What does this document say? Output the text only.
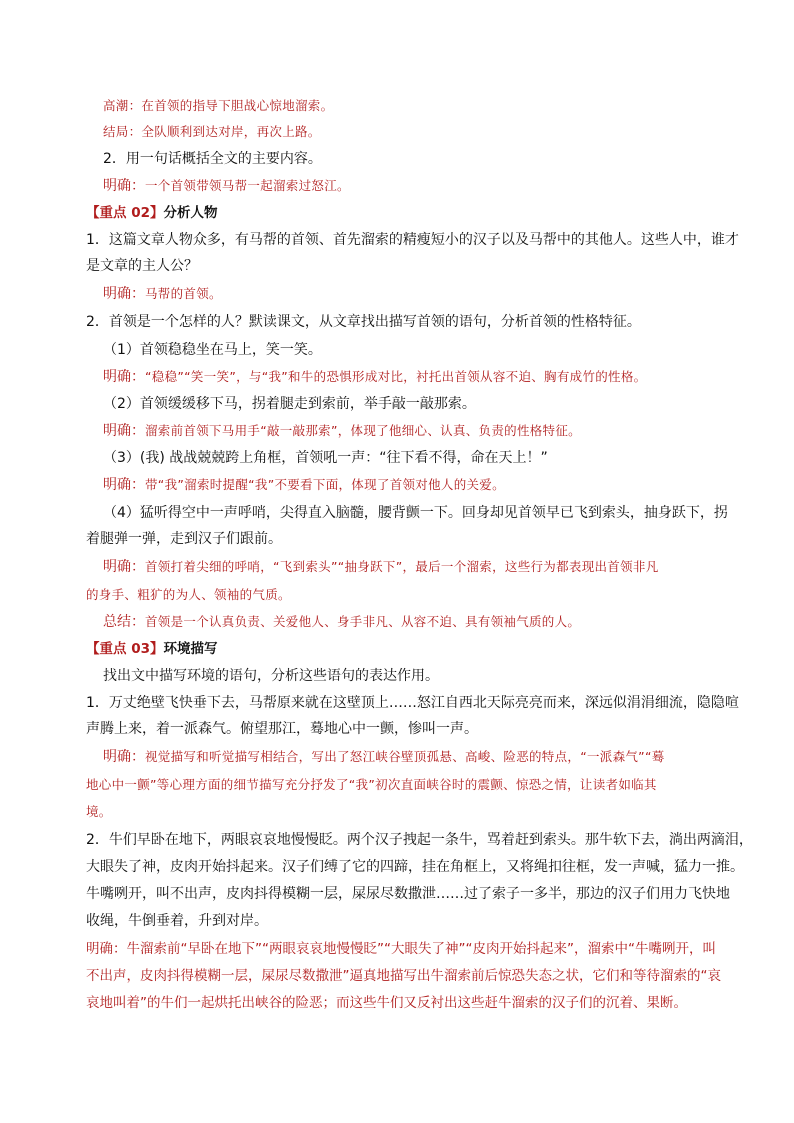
高潮：在首领的指导下胆战心惊地溜索。
结局：全队顺利到达对岸，再次上路。
2．用一句话概括全文的主要内容。
明确：一个首领带领马帮一起溜索过怒江。
【重点 02】分析人物
1．这篇文章人物众多，有马帮的首领、首先溜索的精瘦短小的汉子以及马帮中的其他人。这些人中，谁才
是文章的主人公？
明确：马帮的首领。
2．首领是一个怎样的人？默读课文，从文章找出描写首领的语句，分析首领的性格特征。
（1）首领稳稳坐在马上，笑一笑。
明确：“稳稳”“笑一笑”，与“我”和牛的恐惧形成对比，衬托出首领从容不迫、胸有成竹的性格。
（2）首领缓缓移下马，拐着腿走到索前，举手敲一敲那索。
明确：溜索前首领下马用手“敲一敲那索”，体现了他细心、认真、负责的性格特征。
（3）(我) 战战兢兢跨上角框，首领吼一声：“往下看不得，命在天上！”
明确：带“我”溜索时提醒“我”不要看下面，体现了首领对他人的关爱。
（4）猛听得空中一声呼哨，尖得直入脑髓，腰背颤一下。回身却见首领早已飞到索头，抽身跃下，拐
着腿弹一弹，走到汉子们跟前。
明确：首领打着尖细的呼哨，“飞到索头”“抽身跃下”，最后一个溜索，这些行为都表现出首领非凡
的身手、粗犷的为人、领袖的气质。
总结：首领是一个认真负责、关爱他人、身手非凡、从容不迫、具有领袖气质的人。
【重点 03】环境描写
找出文中描写环境的语句，分析这些语句的表达作用。
1．万丈绝壁飞快垂下去，马帮原来就在这壁顶上……怒江自西北天际亮亮而来，深远似涓涓细流，隐隐喧
声腾上来，着一派森气。俯望那江，蓦地心中一颤，惨叫一声。
明确：视觉描写和听觉描写相结合，写出了怒江峡谷壁顶孤悬、高峻、险恶的特点，“一派森气”“蓦
地心中一颤”等心理方面的细节描写充分抒发了“我”初次直面峡谷时的震颤、惊恐之情，让读者如临其
境。
2．牛们早卧在地下，两眼哀哀地慢慢眨。两个汉子拽起一条牛，骂着赶到索头。那牛软下去，淌出两滴泪，
大眼失了神，皮肉开始抖起来。汉子们缚了它的四蹄，挂在角框上，又将绳扣往框，发一声喊，猛力一推。
牛嘴咧开，叫不出声，皮肉抖得模糊一层，屎尿尽数撒泄……过了索子一多半，那边的汉子们用力飞快地
收绳，牛倒垂着，升到对岸。
明确：牛溜索前“早卧在地下”“两眼哀哀地慢慢眨”“大眼失了神”“皮肉开始抖起来”，溜索中“牛嘴咧开，叫
不出声，皮肉抖得模糊一层，屎尿尽数撒泄”逼真地描写出牛溜索前后惊恐失态之状，它们和等待溜索的“哀
哀地叫着”的牛们一起烘托出峡谷的险恶；而这些牛们又反衬出这些赶牛溜索的汉子们的沉着、果断。
